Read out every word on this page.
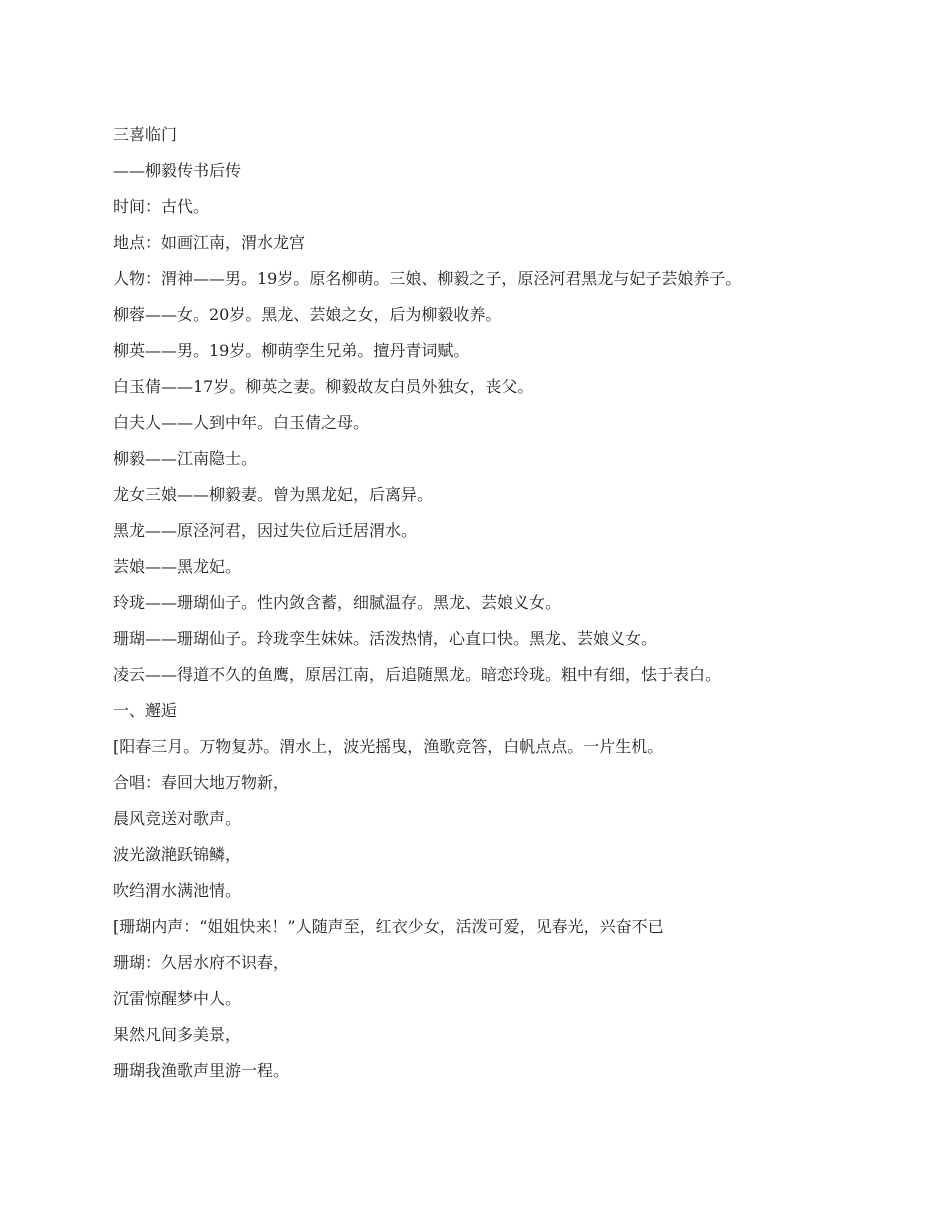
三喜临门

——柳毅传书后传

时间：古代。

地点：如画江南，渭水龙宫

人物：渭神——男。19岁。原名柳萌。三娘、柳毅之子，原泾河君黑龙与妃子芸娘养子。

柳蓉——女。20岁。黑龙、芸娘之女，后为柳毅收养。

柳英——男。19岁。柳萌孪生兄弟。擅丹青词赋。

白玉倩——17岁。柳英之妻。柳毅故友白员外独女，丧父。

白夫人——人到中年。白玉倩之母。

柳毅——江南隐士。

龙女三娘——柳毅妻。曾为黑龙妃，后离异。

黑龙——原泾河君，因过失位后迁居渭水。

芸娘——黑龙妃。

玲珑——珊瑚仙子。性内敛含蓄，细腻温存。黑龙、芸娘义女。

珊瑚——珊瑚仙子。玲珑孪生妹妹。活泼热情，心直口快。黑龙、芸娘义女。

凌云——得道不久的鱼鹰，原居江南，后追随黑龙。暗恋玲珑。粗中有细，怯于表白。

一、邂逅

[阳春三月。万物复苏。渭水上，波光摇曳，渔歌竞答，白帆点点。一片生机。

合唱：春回大地万物新，

晨风竞送对歌声。

波光潋滟跃锦鳞，

吹绉渭水满池情。

[珊瑚内声：“姐姐快来！”人随声至，红衣少女，活泼可爱，见春光，兴奋不已

珊瑚：久居水府不识春，

沉雷惊醒梦中人。

果然凡间多美景，

珊瑚我渔歌声里游一程。
